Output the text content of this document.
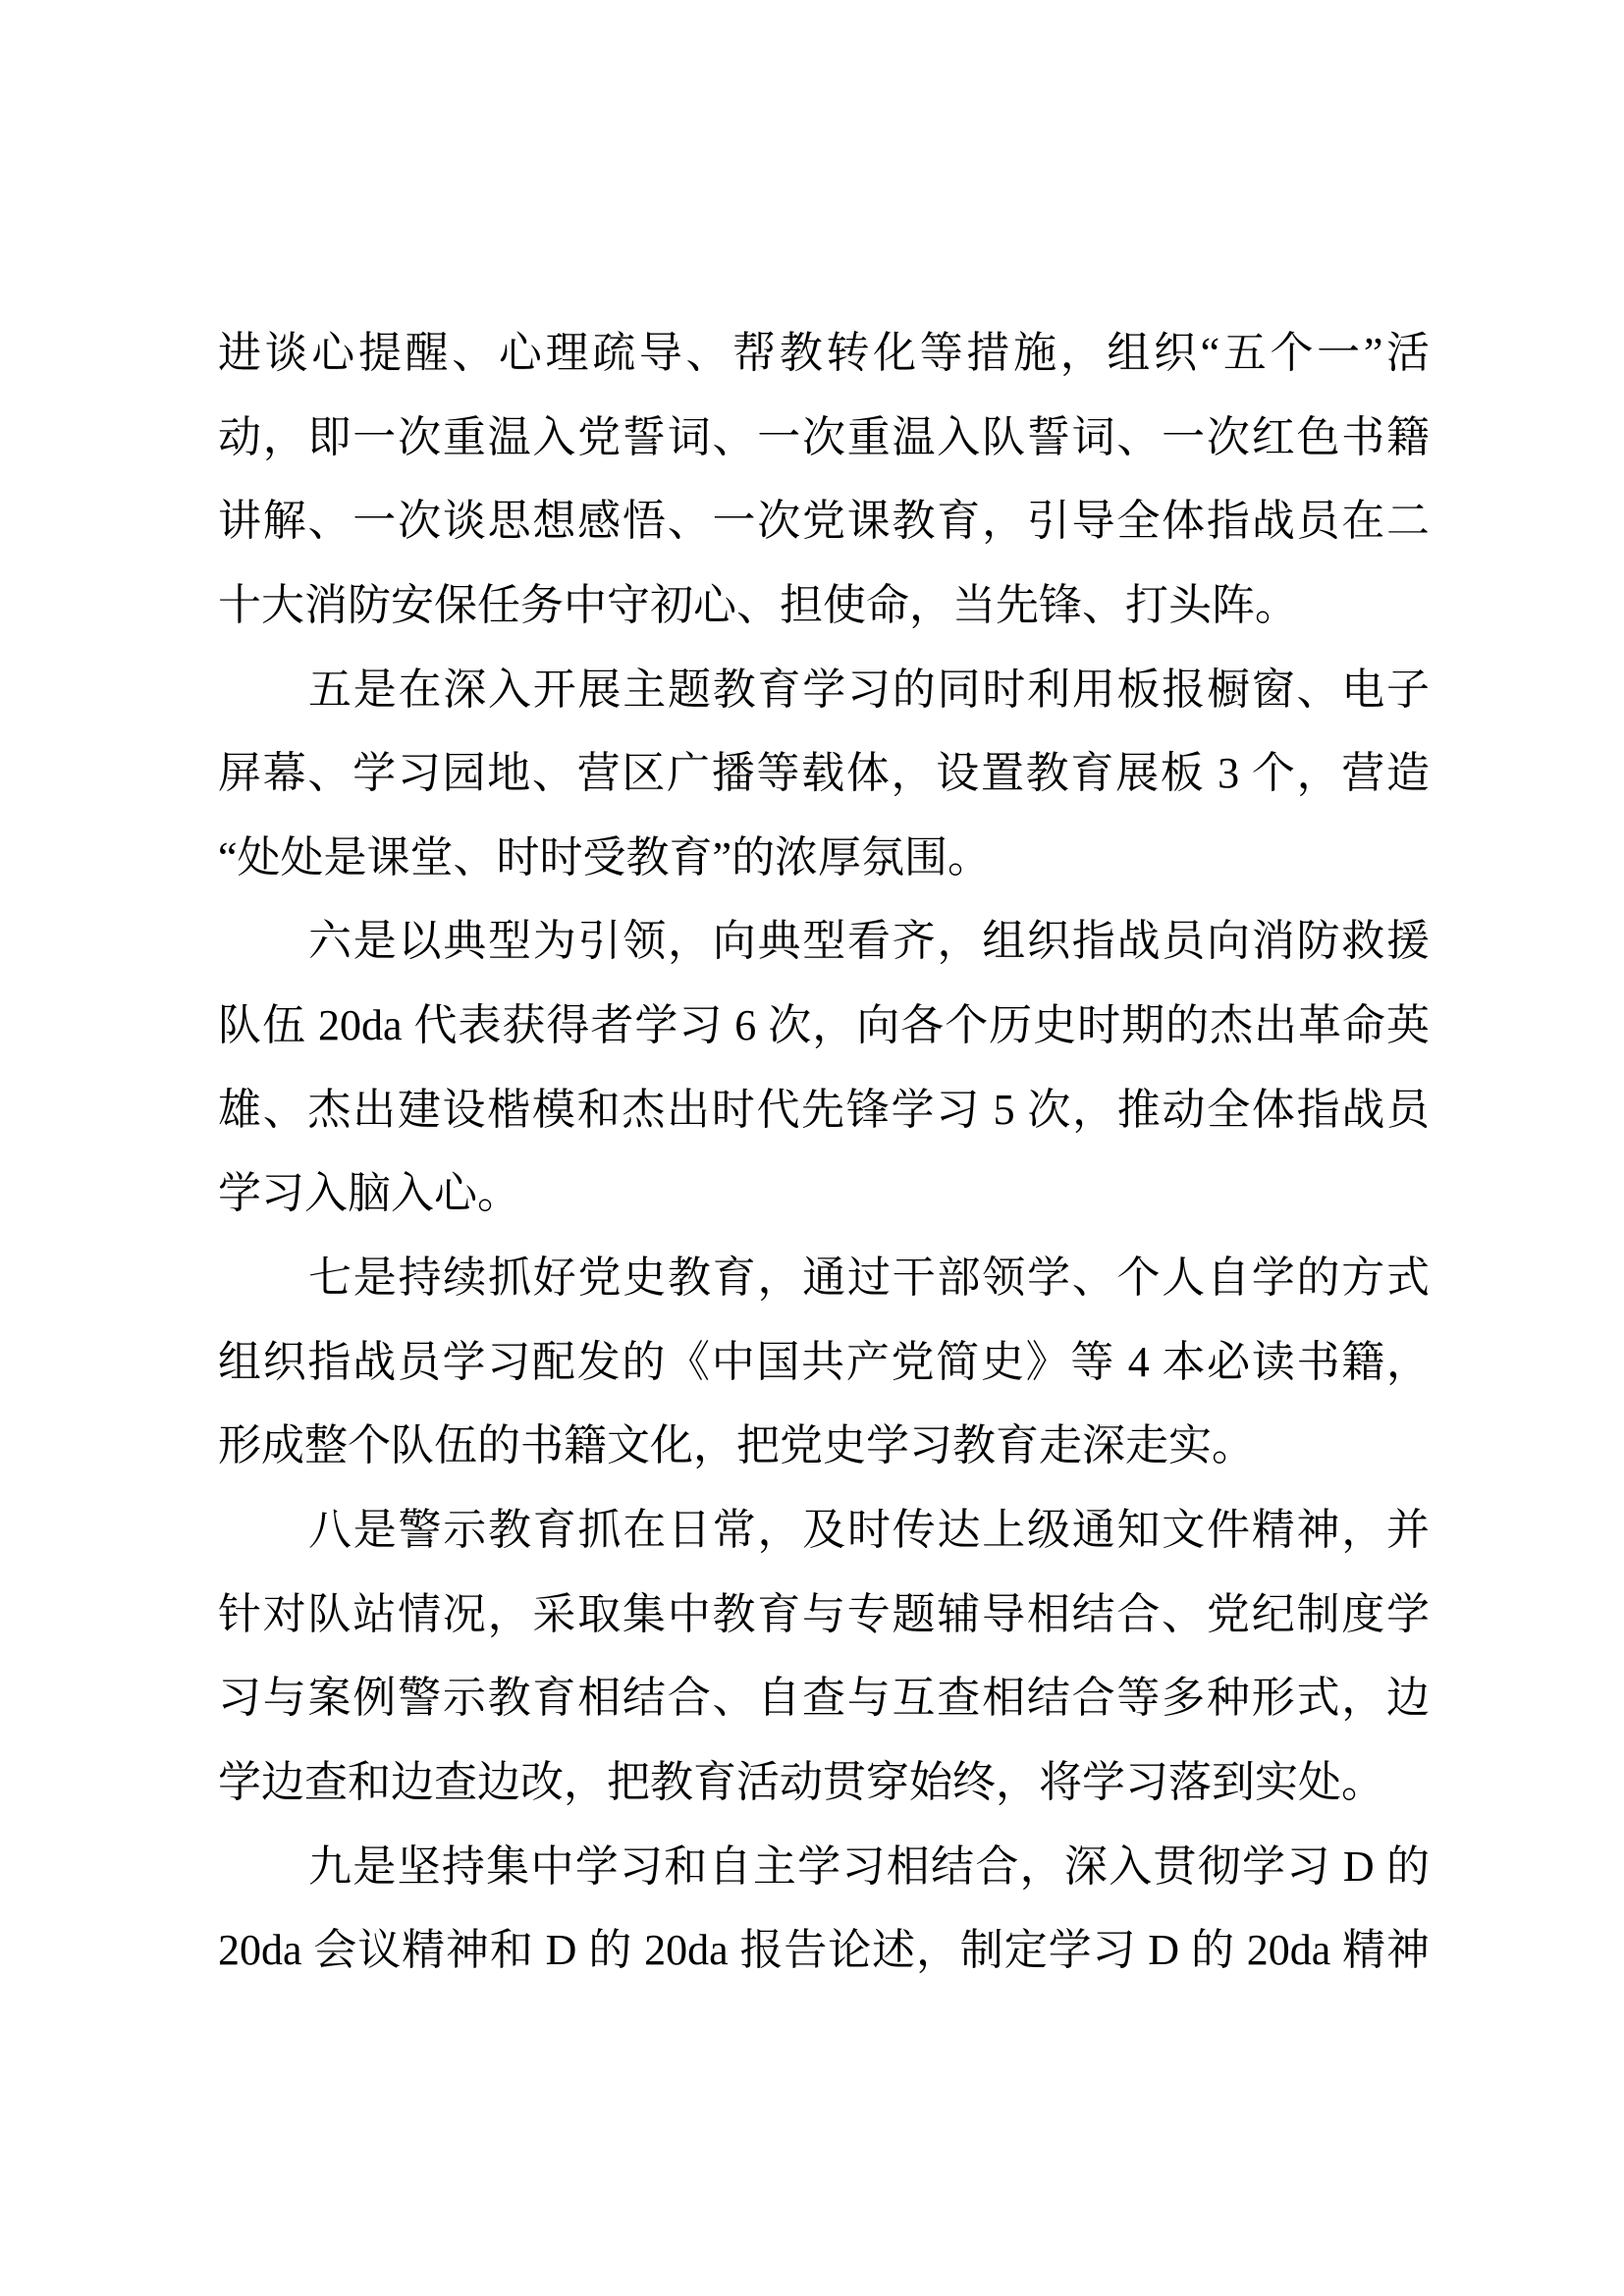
进谈心提醒、心理疏导、帮教转化等措施，组织“五个一”活
动，即一次重温入党誓词、一次重温入队誓词、一次红色书籍
讲解、一次谈思想感悟、一次党课教育，引导全体指战员在二
十大消防安保任务中守初心、担使命，当先锋、打头阵。
五是在深入开展主题教育学习的同时利用板报橱窗、电子
屏幕、学习园地、营区广播等载体，设置教育展板 3 个，营造
“处处是课堂、时时受教育”的浓厚氛围。
六是以典型为引领，向典型看齐，组织指战员向消防救援
队伍 20da 代表获得者学习 6 次，向各个历史时期的杰出革命英
雄、杰出建设楷模和杰出时代先锋学习 5 次，推动全体指战员
学习入脑入心。
七是持续抓好党史教育，通过干部领学、个人自学的方式
组织指战员学习配发的《中国共产党简史》等 4 本必读书籍，
形成整个队伍的书籍文化，把党史学习教育走深走实。
八是警示教育抓在日常，及时传达上级通知文件精神，并
针对队站情况，采取集中教育与专题辅导相结合、党纪制度学
习与案例警示教育相结合、自查与互查相结合等多种形式，边
学边查和边查边改，把教育活动贯穿始终，将学习落到实处。
九是坚持集中学习和自主学习相结合，深入贯彻学习 D 的
20da 会议精神和 D 的 20da 报告论述，制定学习 D 的 20da 精神
